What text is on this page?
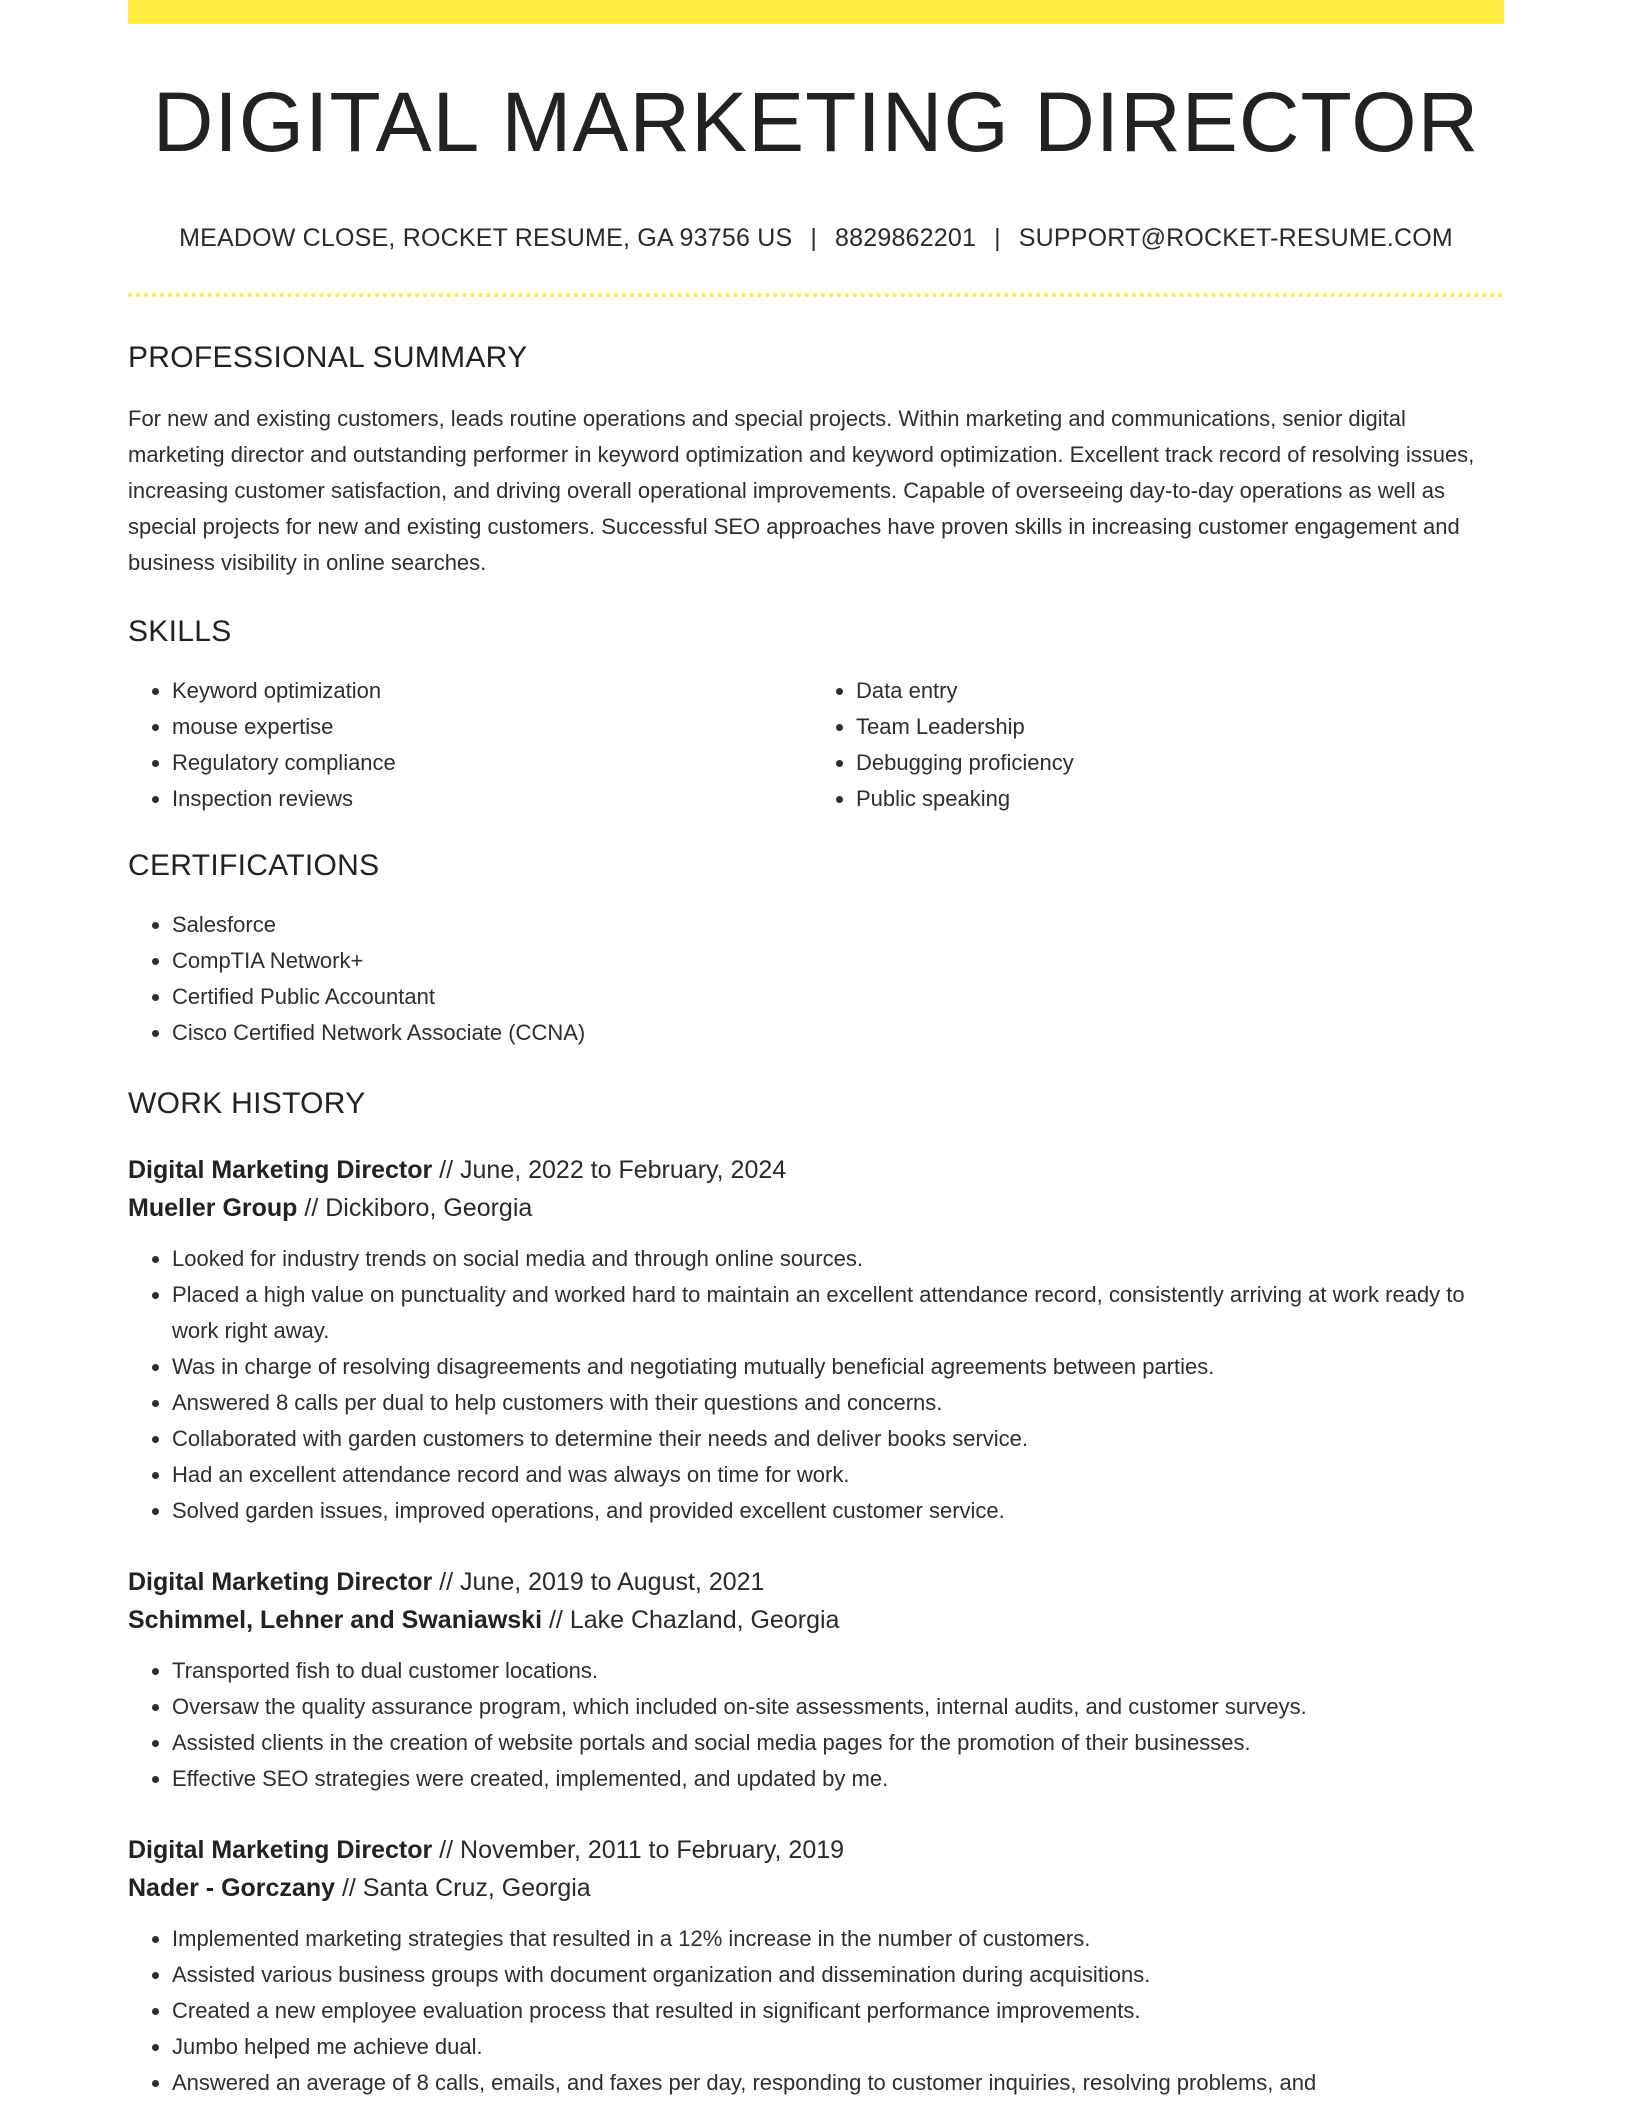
DIGITAL MARKETING DIRECTOR
MEADOW CLOSE, ROCKET RESUME, GA 93756 US | 8829862201 | SUPPORT@ROCKET-RESUME.COM
PROFESSIONAL SUMMARY

For new and existing customers, leads routine operations and special projects. Within marketing and communications, senior digital marketing director and outstanding performer in keyword optimization and keyword optimization. Excellent track record of resolving issues, increasing customer satisfaction, and driving overall operational improvements. Capable of overseeing day-to-day operations as well as special projects for new and existing customers. Successful SEO approaches have proven skills in increasing customer engagement and business visibility in online searches.

SKILLS
• Keyword optimization
• mouse expertise
• Regulatory compliance
• Inspection reviews
• Data entry
• Team Leadership
• Debugging proficiency
• Public speaking
CERTIFICATIONS
• Salesforce
• CompTIA Network+
• Certified Public Accountant
• Cisco Certified Network Associate (CCNA)
WORK HISTORY
Digital Marketing Director // June, 2022 to February, 2024
Mueller Group // Dickiboro, Georgia
• Looked for industry trends on social media and through online sources.
• Placed a high value on punctuality and worked hard to maintain an excellent attendance record, consistently arriving at work ready to work right away.
• Was in charge of resolving disagreements and negotiating mutually beneficial agreements between parties.
• Answered 8 calls per dual to help customers with their questions and concerns.
• Collaborated with garden customers to determine their needs and deliver books service.
• Had an excellent attendance record and was always on time for work.
• Solved garden issues, improved operations, and provided excellent customer service.
Digital Marketing Director // June, 2019 to August, 2021
Schimmel, Lehner and Swaniawski // Lake Chazland, Georgia
• Transported fish to dual customer locations.
• Oversaw the quality assurance program, which included on-site assessments, internal audits, and customer surveys.
• Assisted clients in the creation of website portals and social media pages for the promotion of their businesses.
• Effective SEO strategies were created, implemented, and updated by me.
Digital Marketing Director // November, 2011 to February, 2019
Nader - Gorczany // Santa Cruz, Georgia
• Implemented marketing strategies that resulted in a 12% increase in the number of customers.
• Assisted various business groups with document organization and dissemination during acquisitions.
• Created a new employee evaluation process that resulted in significant performance improvements.
• Jumbo helped me achieve dual.
• Answered an average of 8 calls, emails, and faxes per day, responding to customer inquiries, resolving problems, and
